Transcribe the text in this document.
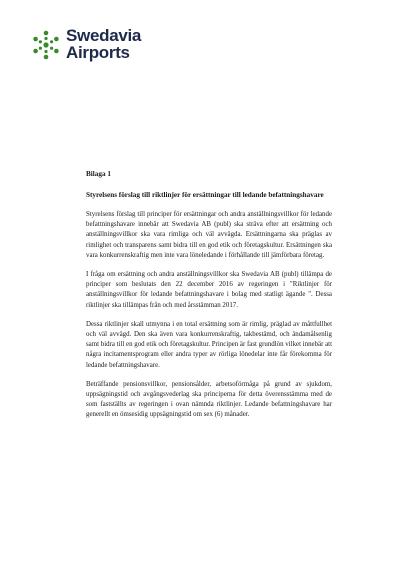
Swedavia
Airports
Bilaga 1
Styrelsens förslag till riktlinjer för ersättningar till ledande befattningshavare

Styrelsens förslag till principer för ersättningar och andra anställningsvillkor för ledande befattningshavare innebär att Swedavia AB (publ) ska sträva efter att ersättning och anställningsvillkor ska vara rimliga och väl avvägda. Ersättningarna ska präglas av rimlighet och transparens samt bidra till en god etik och företagskultur. Ersättningen ska vara konkurrenskraftig men inte vara löneledande i förhållande till jämförbara företag.

I fråga om ersättning och andra anställningsvillkor ska Swedavia AB (publ) tillämpa de principer som beslutats den 22 december 2016 av regeringen i "Riktlinjer för anställningsvillkor för ledande befattningshavare i bolag med statligt ägande ". Dessa riktlinjer ska tillämpas från och med årsstämman 2017.

Dessa riktlinjer skall utmynna i en total ersättning som är rimlig, präglad av måttfullhet och väl avvägd. Den ska även vara konkurrenskraftig, takbestämd, och ändamålsenlig samt bidra till en god etik och företagskultur. Principen är fast grundlön vilket innebär att några incitamentsprogram eller andra typer av rörliga lönedelar inte får förekomma för ledande befattningshavare.

Beträffande pensionsvillkor, pensionsålder, arbetsoförmåga på grund av sjukdom, uppsägningstid och avgångsvederlag ska principerna för detta överensstämma med de som fastställts av regeringen i ovan nämnda riktlinjer. Ledande befattningshavare har generellt en ömsesidig uppsägningstid om sex (6) månader.
